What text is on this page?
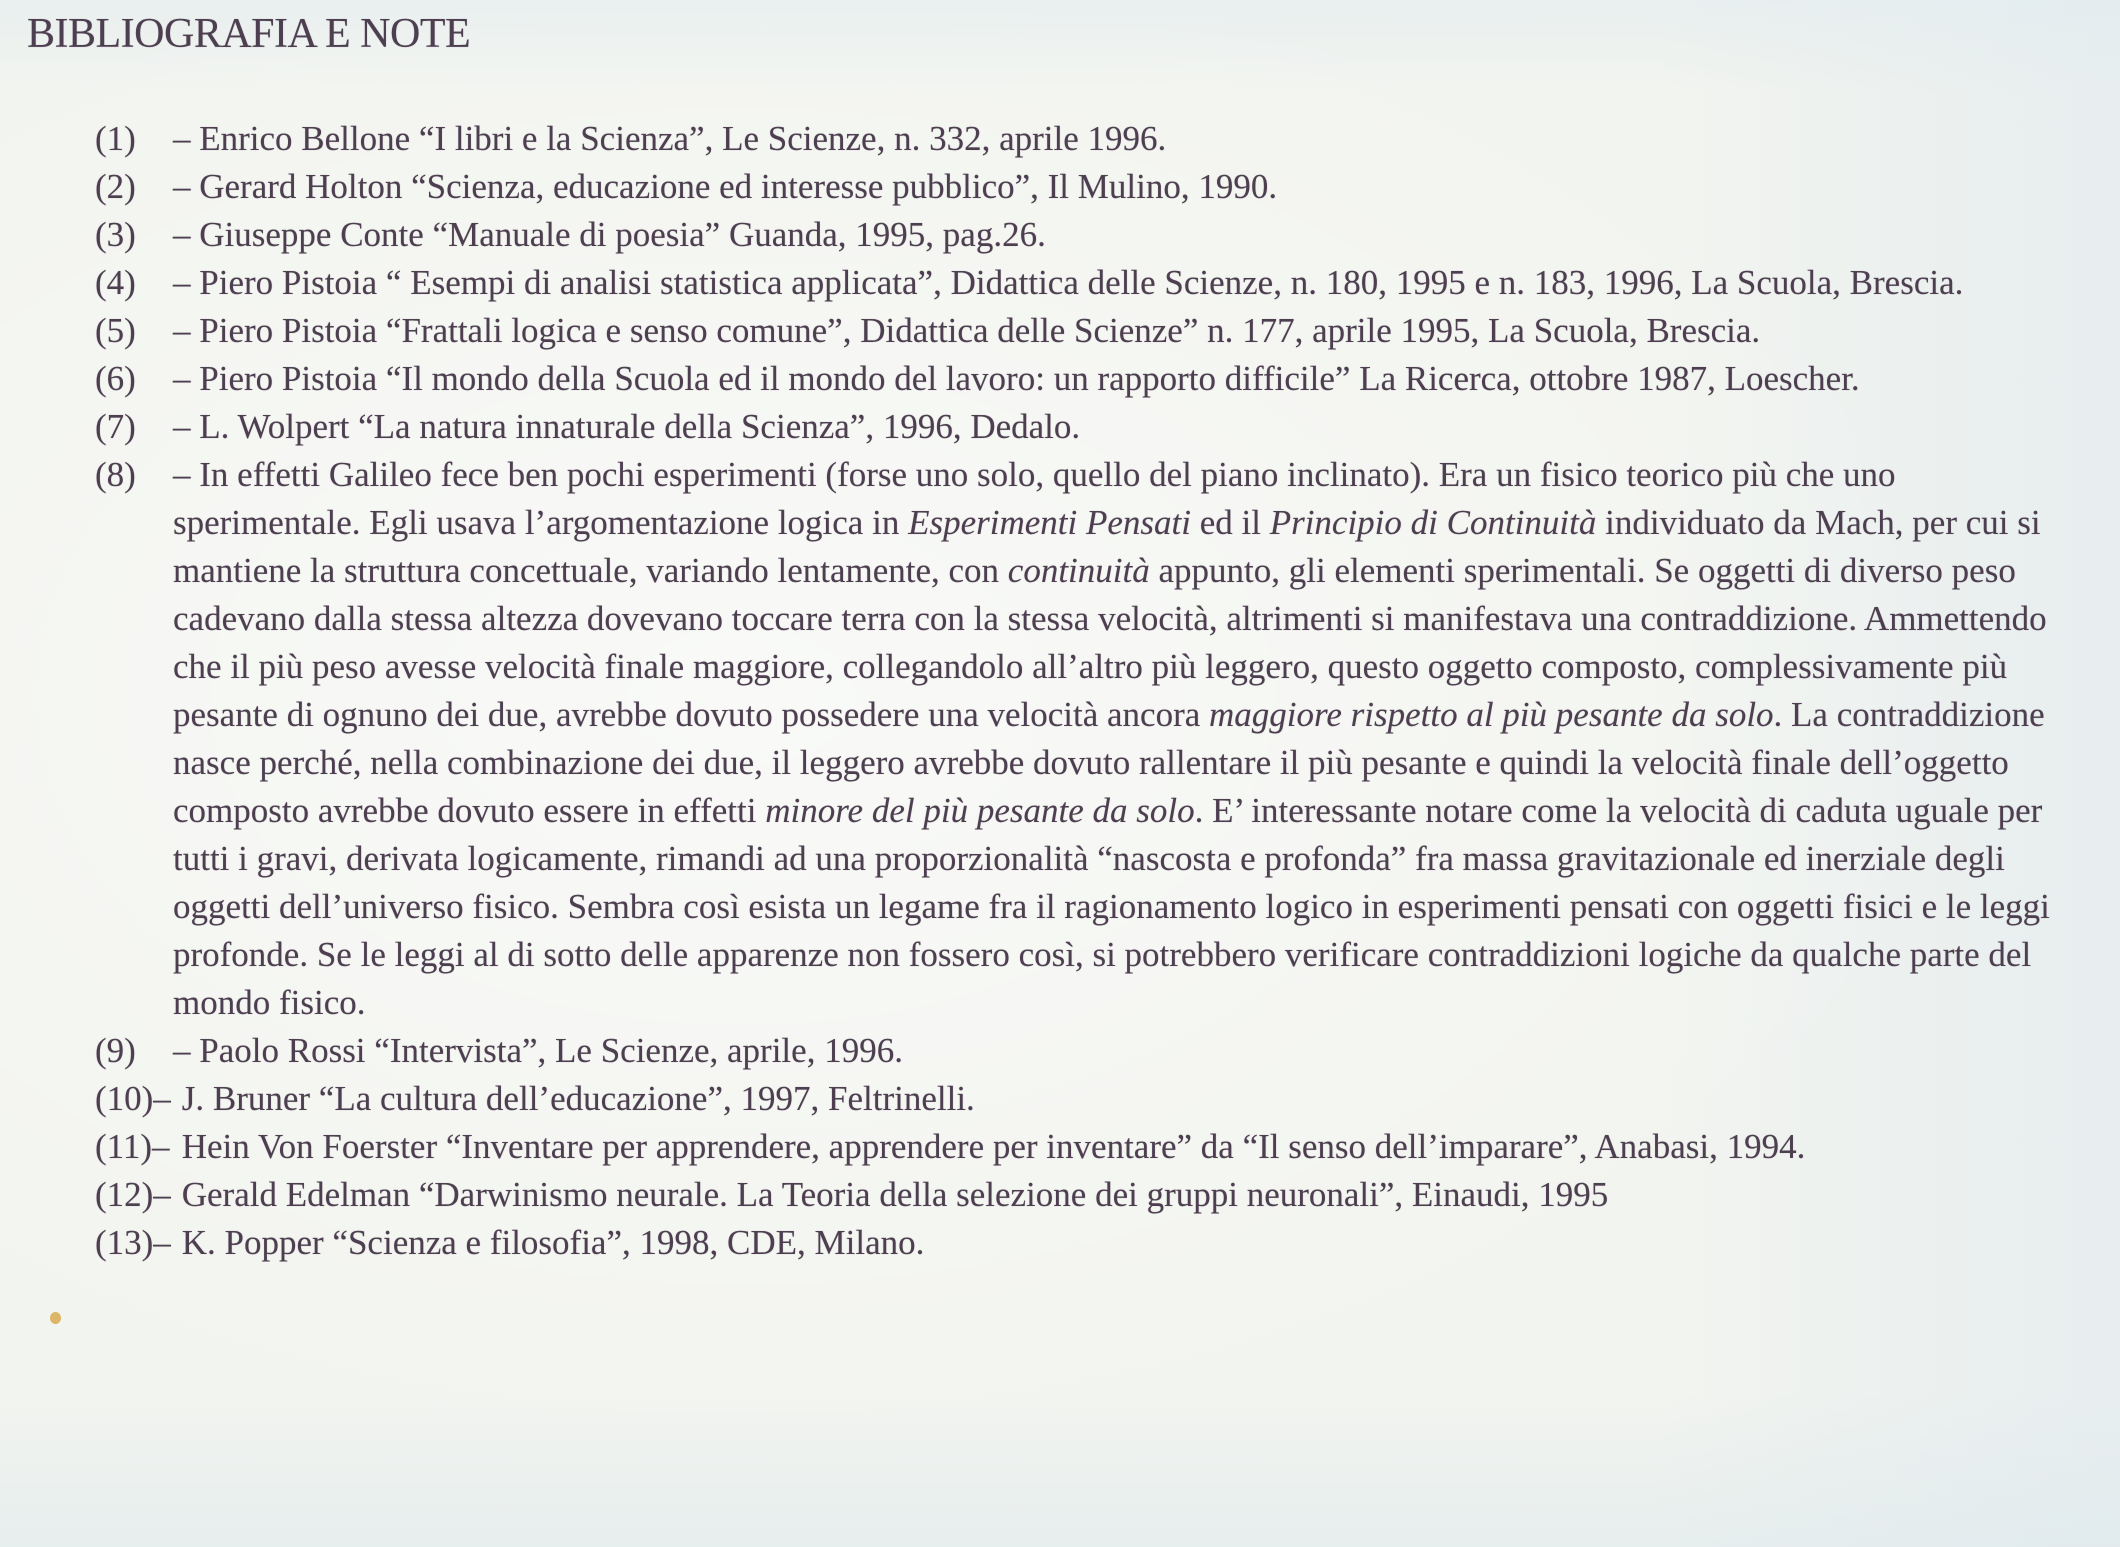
BIBLIOGRAFIA E NOTE
(1) – Enrico Bellone “I libri e la Scienza”, Le Scienze, n. 332, aprile 1996.
(2) – Gerard Holton “Scienza, educazione ed interesse pubblico”, Il Mulino, 1990.
(3) – Giuseppe Conte “Manuale di poesia” Guanda, 1995, pag.26.
(4) – Piero Pistoia “ Esempi di analisi statistica applicata”, Didattica delle Scienze, n. 180, 1995 e n. 183, 1996, La Scuola, Brescia.
(5) – Piero Pistoia “Frattali logica e senso comune”, Didattica delle Scienze” n. 177, aprile 1995, La Scuola, Brescia.
(6) – Piero Pistoia “Il mondo della Scuola ed il mondo del lavoro: un rapporto difficile” La Ricerca, ottobre 1987, Loescher.
(7) – L. Wolpert “La natura innaturale della Scienza”, 1996, Dedalo.
(8) – In effetti Galileo fece ben pochi esperimenti (forse uno solo, quello del piano inclinato). Era un fisico teorico più che uno sperimentale. Egli usava l’argomentazione logica in Esperimenti Pensati ed il Principio di Continuità individuato da Mach, per cui si mantiene la struttura concettuale, variando lentamente, con continuità appunto, gli elementi sperimentali. Se oggetti di diverso peso cadevano dalla stessa altezza dovevano toccare terra con la stessa velocità, altrimenti si manifestava una contraddizione. Ammettendo che il più peso avesse velocità finale maggiore, collegandolo all’altro più leggero, questo oggetto composto, complessivamente più pesante di ognuno dei due, avrebbe dovuto possedere una velocità ancora maggiore rispetto al più pesante da solo. La contraddizione nasce perché, nella combinazione dei due, il leggero avrebbe dovuto rallentare il più pesante e quindi la velocità finale dell’oggetto composto avrebbe dovuto essere in effetti minore del più pesante da solo. E’ interessante notare come la velocità di caduta uguale per tutti i gravi, derivata logicamente, rimandi ad una proporzionalità “nascosta e profonda” fra massa gravitazionale ed inerziale degli oggetti dell’universo fisico. Sembra così esista un legame fra il ragionamento logico in esperimenti pensati con oggetti fisici e le leggi profonde. Se le leggi al di sotto delle apparenze non fossero così, si potrebbero verificare contraddizioni logiche da qualche parte del mondo fisico.
(9) – Paolo Rossi “Intervista”, Le Scienze, aprile, 1996.
(10)– J. Bruner “La cultura dell’educazione”, 1997, Feltrinelli.
(11)– Hein Von Foerster “Inventare per apprendere, apprendere per inventare” da “Il senso dell’imparare”, Anabasi, 1994.
(12)– Gerald Edelman “Darwinismo neurale. La Teoria della selezione dei gruppi neuronali”, Einaudi, 1995
(13)– K. Popper “Scienza e filosofia”, 1998, CDE, Milano.
